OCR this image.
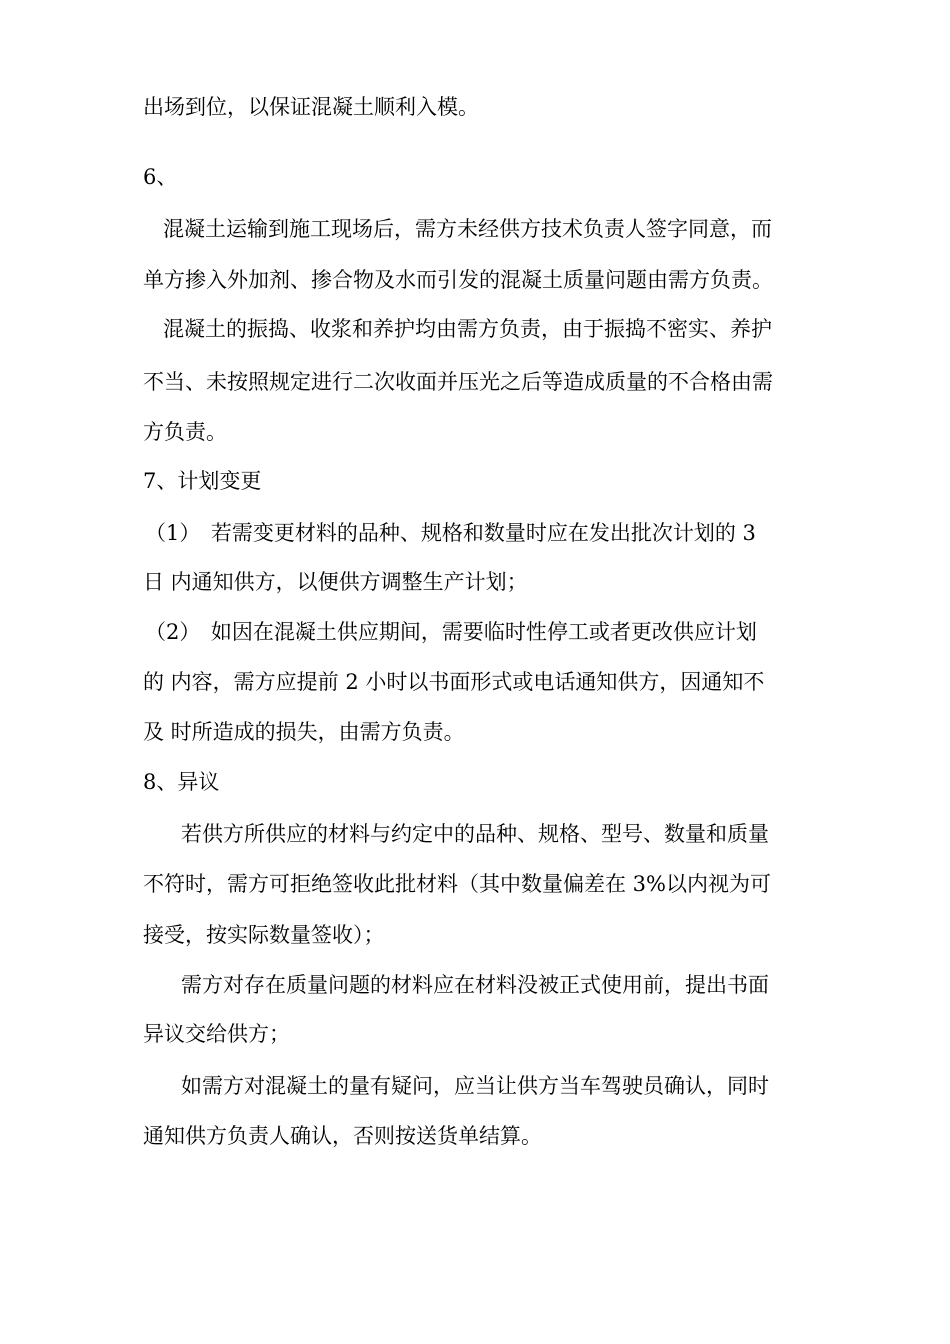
出场到位，以保证混凝土顺利入模。
6、
混凝土运输到施工现场后，需方未经供方技术负责人签字同意，而
单方掺入外加剂、掺合物及水而引发的混凝土质量问题由需方负责。
混凝土的振捣、收浆和养护均由需方负责，由于振捣不密实、养护
不当、未按照规定进行二次收面并压光之后等造成质量的不合格由需
方负责。
7、计划变更
（1）　若需变更材料的品种、规格和数量时应在发出批次计划的 3
日 内通知供方，以便供方调整生产计划；
（2）　如因在混凝土供应期间，需要临时性停工或者更改供应计划
的 内容，需方应提前 2 小时以书面形式或电话通知供方，因通知不
及 时所造成的损失，由需方负责。
8、异议
若供方所供应的材料与约定中的品种、规格、型号、数量和质量
不符时，需方可拒绝签收此批材料（其中数量偏差在 3%以内视为可
接受，按实际数量签收）；
需方对存在质量问题的材料应在材料没被正式使用前，提出书面
异议交给供方；
如需方对混凝土的量有疑问，应当让供方当车驾驶员确认，同时
通知供方负责人确认，否则按送货单结算。
